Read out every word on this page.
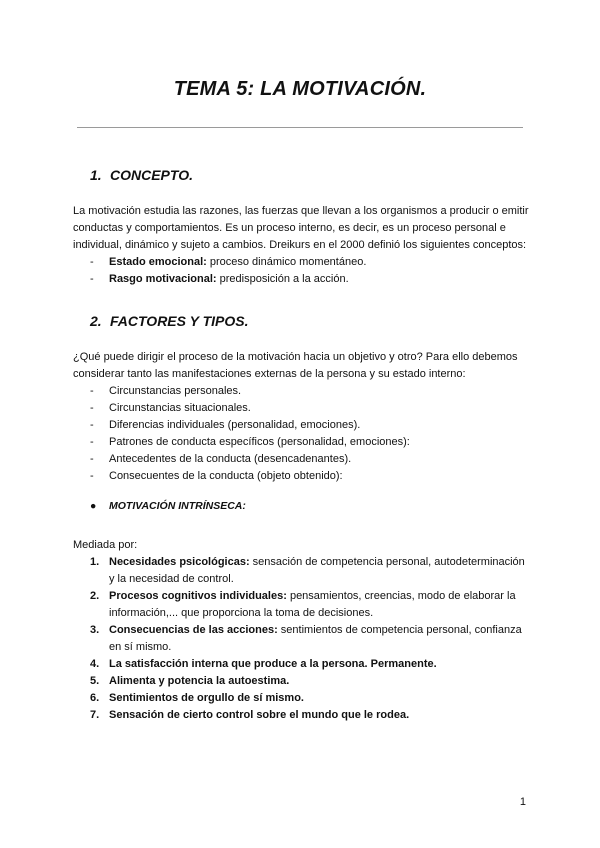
TEMA 5: LA MOTIVACIÓN.
1. CONCEPTO.

La motivación estudia las razones, las fuerzas que llevan a los organismos a producir o emitir conductas y comportamientos. Es un proceso interno, es decir, es un proceso personal e individual, dinámico y sujeto a cambios. Dreikurs en el 2000 definió los siguientes conceptos:

- Estado emocional: proceso dinámico momentáneo.
- Rasgo motivacional: predisposición a la acción.
2. FACTORES Y TIPOS.

¿Qué puede dirigir el proceso de la motivación hacia un objetivo y otro? Para ello debemos considerar tanto las manifestaciones externas de la persona y su estado interno:

- Circunstancias personales.
- Circunstancias situacionales.
- Diferencias individuales (personalidad, emociones).
- Patrones de conducta específicos (personalidad, emociones):
- Antecedentes de la conducta (desencadenantes).
- Consecuentes de la conducta (objeto obtenido):
● MOTIVACIÓN INTRÍNSECA:

Mediada por:

1. Necesidades psicológicas: sensación de competencia personal, autodeterminación y la necesidad de control.
2. Procesos cognitivos individuales: pensamientos, creencias, modo de elaborar la información,... que proporciona la toma de decisiones.
3. Consecuencias de las acciones: sentimientos de competencia personal, confianza en sí mismo.
4. La satisfacción interna que produce a la persona. Permanente.
5. Alimenta y potencia la autoestima.
6. Sentimientos de orgullo de sí mismo.
7. Sensación de cierto control sobre el mundo que le rodea.
1
